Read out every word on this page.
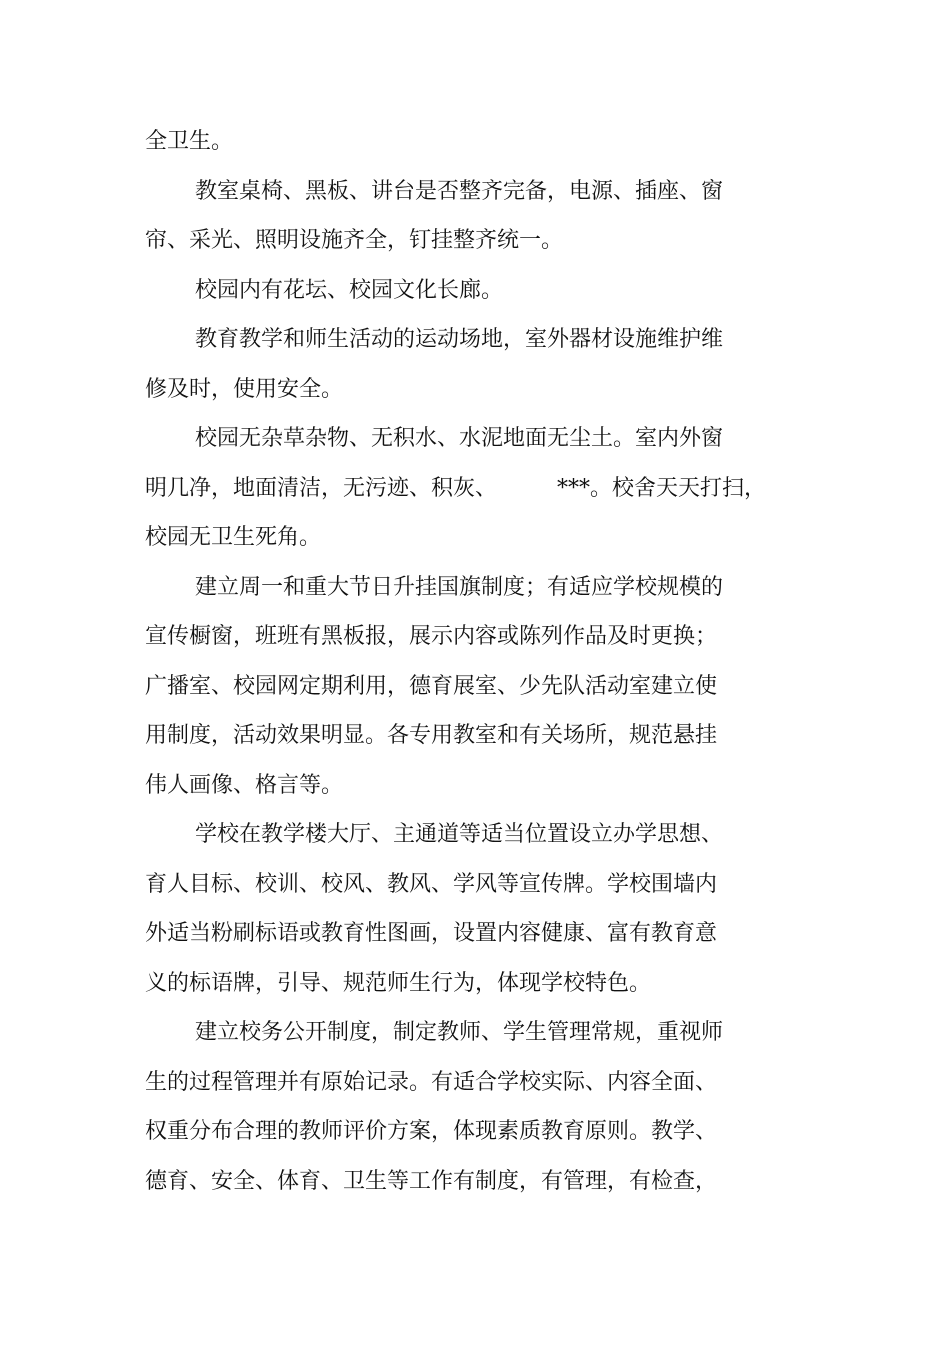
全卫生。
教室桌椅、黑板、讲台是否整齐完备，电源、插座、窗
帘、采光、照明设施齐全，钉挂整齐统一。
校园内有花坛、校园文化长廊。
教育教学和师生活动的运动场地，室外器材设施维护维
修及时，使用安全。
校园无杂草杂物、无积水、水泥地面无尘土。室内外窗
明几净，地面清洁，无污迹、积灰、	***。校舍天天打扫，
校园无卫生死角。
建立周一和重大节日升挂国旗制度；有适应学校规模的
宣传橱窗，班班有黑板报，展示内容或陈列作品及时更换；
广播室、校园网定期利用，德育展室、少先队活动室建立使
用制度，活动效果明显。各专用教室和有关场所，规范悬挂
伟人画像、格言等。
学校在教学楼大厅、主通道等适当位置设立办学思想、
育人目标、校训、校风、教风、学风等宣传牌。学校围墙内
外适当粉刷标语或教育性图画，设置内容健康、富有教育意
义的标语牌，引导、规范师生行为，体现学校特色。
建立校务公开制度，制定教师、学生管理常规，重视师
生的过程管理并有原始记录。有适合学校实际、内容全面、
权重分布合理的教师评价方案，体现素质教育原则。教学、
德育、安全、体育、卫生等工作有制度，有管理，有检查，
